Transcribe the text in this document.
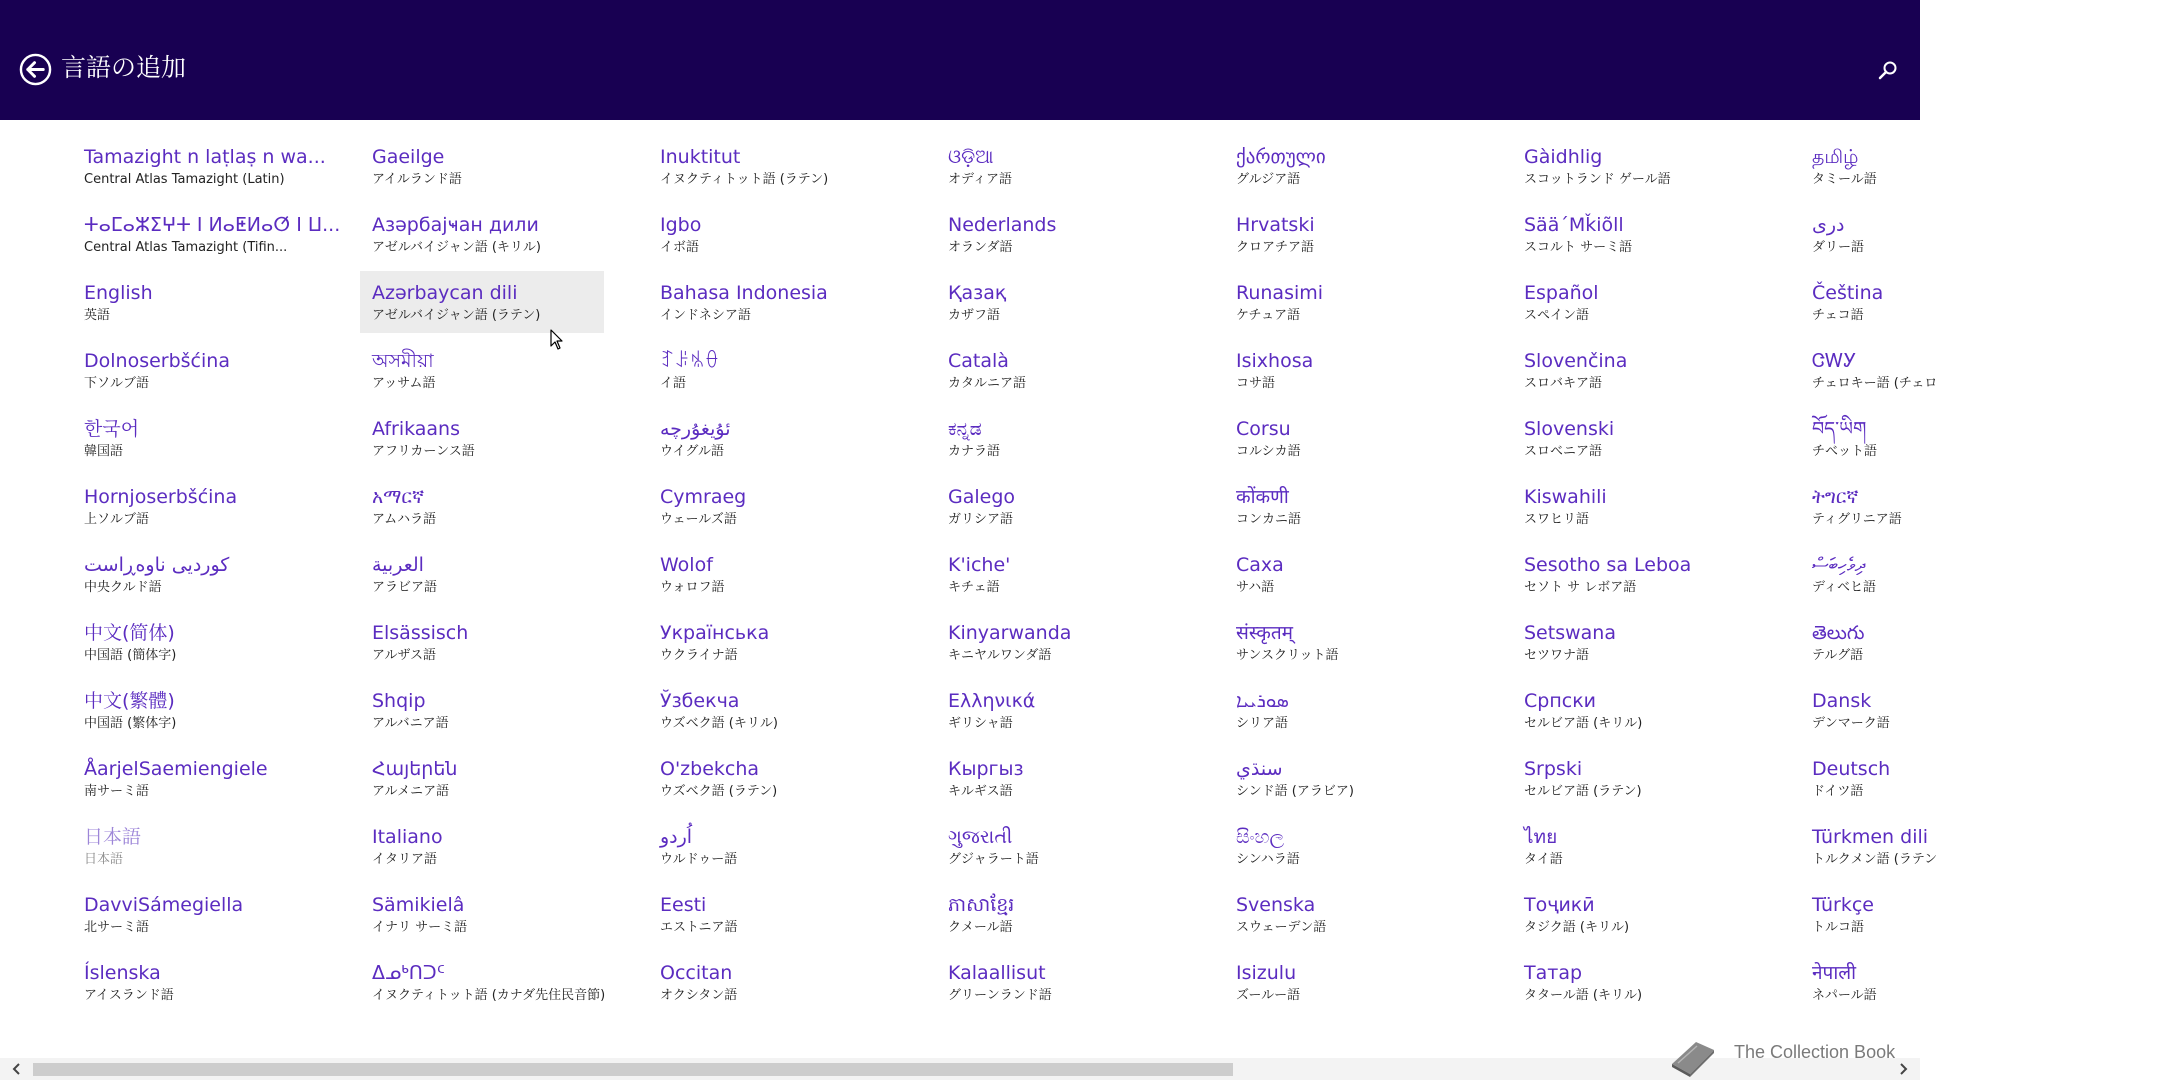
言語の追加
Tamazight n laṭlaṣ n wa...
Central Atlas Tamazight (Latin)
ⵜⴰⵎⴰⵣⵉⵖⵜ ⵏ ⵍⴰⵟⵍⴰⵚ ⵏ ⵡ...
Central Atlas Tamazight (Tifin...
English
英語
Dolnoserbšćina
下ソルブ語
한국어
韓国語
Hornjoserbšćina
上ソルブ語
کوردیی ناوەڕاست
中央クルド語
中文(简体)
中国語 (簡体字)
中文(繁體)
中国語 (繁体字)
ÅarjelSaemiengiele
南サーミ語
日本語
日本語
DavviSámegiella
北サーミ語
Íslenska
アイスランド語
Gaeilge
アイルランド語
Азәрбајҹан дили
アゼルバイジャン語 (キリル)
Azərbaycan dili
アゼルバイジャン語 (ラテン)
অসমীয়া
アッサム語
Afrikaans
アフリカーンス語
አማርኛ
アムハラ語
العربية
アラビア語
Elsässisch
アルザス語
Shqip
アルバニア語
Հայերեն
アルメニア語
Italiano
イタリア語
Sämikielâ
イナリ サーミ語
ᐃᓄᒃᑎᑐᑦ
イヌクティトット語 (カナダ先住民音節)
Inuktitut
イヌクティトット語 (ラテン)
Igbo
イボ語
Bahasa Indonesia
インドネシア語
ꆈꌠꁱꂷ
イ語
ئۇيغۇرچە
ウイグル語
Cymraeg
ウェールズ語
Wolof
ウォロフ語
Українська
ウクライナ語
Ўзбекча
ウズベク語 (キリル)
O'zbekcha
ウズベク語 (ラテン)
اُردو
ウルドゥー語
Eesti
エストニア語
Occitan
オクシタン語
ଓଡ଼ିଆ
オディア語
Nederlands
オランダ語
Қазақ
カザフ語
Català
カタルニア語
ಕನ್ನಡ
カナラ語
Galego
ガリシア語
K'iche'
キチェ語
Kinyarwanda
キニヤルワンダ語
Ελληνικά
ギリシャ語
Кыргыз
キルギス語
ગુજરાતી
グジャラート語
ភាសាខ្មែរ
クメール語
Kalaallisut
グリーンランド語
ქართული
グルジア語
Hrvatski
クロアチア語
Runasimi
ケチュア語
Isixhosa
コサ語
Corsu
コルシカ語
कोंकणी
コンカニ語
Саха
サハ語
संस्कृतम्
サンスクリット語
ܣܘܪܝܝܐ
シリア語
سنڌي
シンド語 (アラビア)
සිංහල
シンハラ語
Svenska
スウェーデン語
Isizulu
ズールー語
Gàidhlig
スコットランド ゲール語
Sää´Mǩiõll
スコルト サーミ語
Español
スペイン語
Slovenčina
スロバキア語
Slovenski
スロベニア語
Kiswahili
スワヒリ語
Sesotho sa Leboa
セソト サ レボア語
Setswana
セツワナ語
Српски
セルビア語 (キリル)
Srpski
セルビア語 (ラテン)
ไทย
タイ語
Тоҷикӣ
タジク語 (キリル)
Татар
タタール語 (キリル)
தமிழ்
タミール語
دری
ダリー語
Čeština
チェコ語
ᏣᎳᎩ
チェロキー語 (チェロ
བོད་ཡིག
チベット語
ትግርኛ
ティグリニア語
ދިވެހިބަސް
ディベヒ語
తెలుగు
テルグ語
Dansk
デンマーク語
Deutsch
ドイツ語
Türkmen dili
トルクメン語 (ラテン
Türkçe
トルコ語
नेपाली
ネパール語
The Collection Book
